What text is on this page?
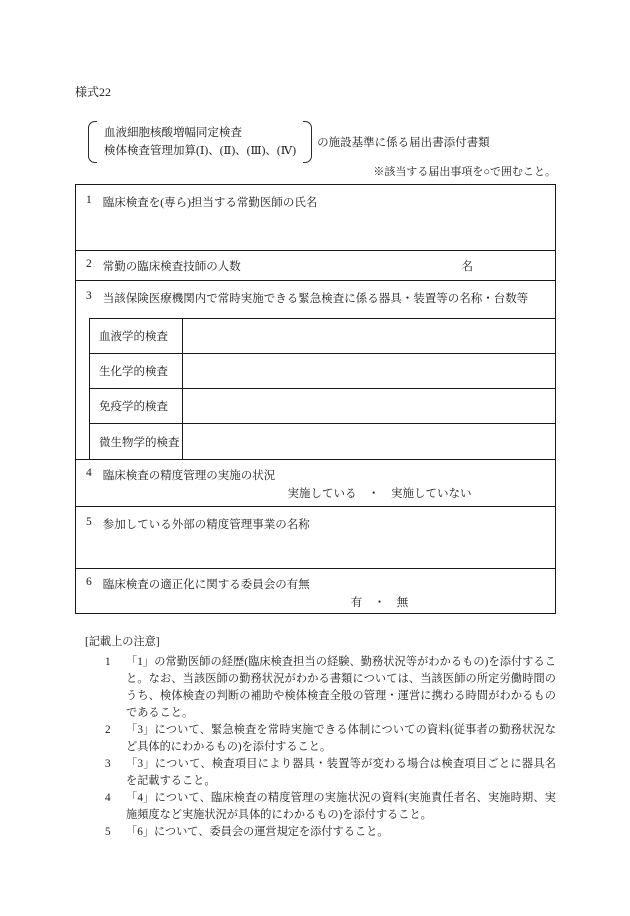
様式22
血液細胞核酸増幅同定検査
検体検査管理加算(Ⅰ)、(Ⅱ)、(Ⅲ)、(Ⅳ)
の施設基準に係る届出書添付書類
※該当する届出事項を○で囲むこと。
1 臨床検査を(専ら)担当する常勤医師の氏名
2 常勤の臨床検査技師の人数	名
3 当該保険医療機関内で常時実施できる緊急検査に係る器具・装置等の名称・台数等
血液学的検査
生化学的検査
免疫学的検査
微生物学的検査
4 臨床検査の精度管理の実施の状況
実施している　・　実施していない
5 参加している外部の精度管理事業の名称
6 臨床検査の適正化に関する委員会の有無
有　・　無
[記載上の注意]
1	「1」の常勤医師の経歴(臨床検査担当の経験、勤務状況等がわかるもの)を添付すること。なお、当該医師の勤務状況がわかる書類については、当該医師の所定労働時間のうち、検体検査の判断の補助や検体検査全般の管理・運営に携わる時間がわかるものであること。
2	「3」について、緊急検査を常時実施できる体制についての資料(従事者の勤務状況など具体的にわかるもの)を添付すること。
3	「3」について、検査項目により器具・装置等が変わる場合は検査項目ごとに器具名を記載すること。
4	「4」について、臨床検査の精度管理の実施状況の資料(実施責任者名、実施時期、実施頻度など実施状況が具体的にわかるもの)を添付すること。
5	「6」について、委員会の運営規定を添付すること。
